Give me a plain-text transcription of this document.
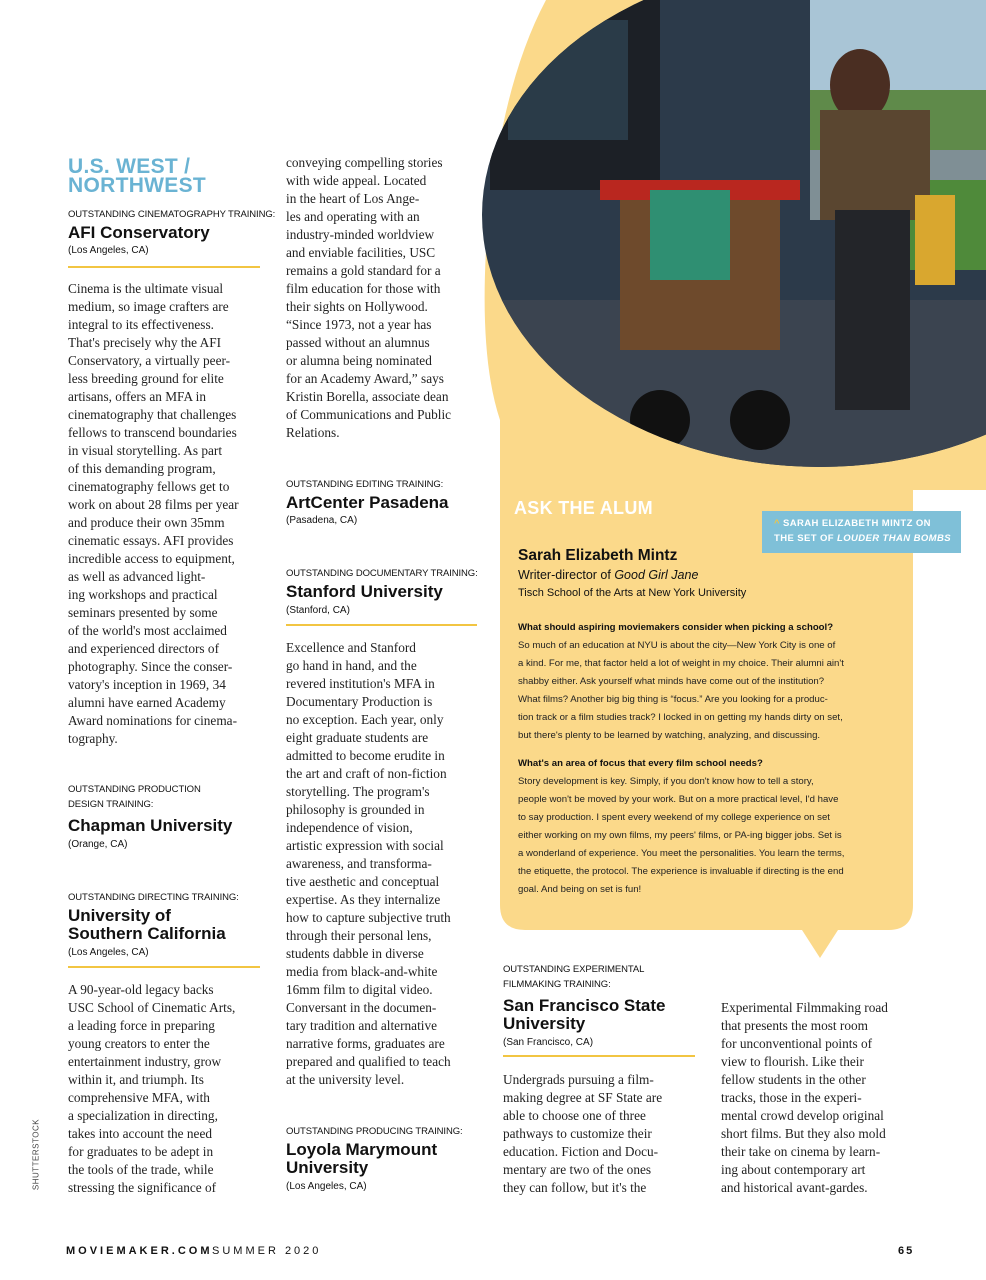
U.S. WEST /
NORTHWEST
OUTSTANDING CINEMATOGRAPHY TRAINING:
AFI Conservatory
(Los Angeles, CA)
Cinema is the ultimate visual
medium, so image crafters are
integral to its effectiveness.
That's precisely why the AFI
Conservatory, a virtually peer-
less breeding ground for elite
artisans, offers an MFA in
cinematography that challenges
fellows to transcend boundaries
in visual storytelling. As part
of this demanding program,
cinematography fellows get to
work on about 28 films per year
and produce their own 35mm
cinematic essays. AFI provides
incredible access to equipment,
as well as advanced light-
ing workshops and practical
seminars presented by some
of the world's most acclaimed
and experienced directors of
photography. Since the conser-
vatory's inception in 1969, 34
alumni have earned Academy
Award nominations for cinema-
tography.
OUTSTANDING PRODUCTION
DESIGN TRAINING:
Chapman University
(Orange, CA)
OUTSTANDING DIRECTING TRAINING:
University of
Southern California
(Los Angeles, CA)
A 90-year-old legacy backs
USC School of Cinematic Arts,
a leading force in preparing
young creators to enter the
entertainment industry, grow
within it, and triumph. Its
comprehensive MFA, with
a specialization in directing,
takes into account the need
for graduates to be adept in
the tools of the trade, while
stressing the significance of
conveying compelling stories
with wide appeal. Located
in the heart of Los Ange-
les and operating with an
industry-minded worldview
and enviable facilities, USC
remains a gold standard for a
film education for those with
their sights on Hollywood.
“Since 1973, not a year has
passed without an alumnus
or alumna being nominated
for an Academy Award,” says
Kristin Borella, associate dean
of Communications and Public
Relations.
OUTSTANDING EDITING TRAINING:
ArtCenter Pasadena
(Pasadena, CA)
OUTSTANDING DOCUMENTARY TRAINING:
Stanford University
(Stanford, CA)
Excellence and Stanford
go hand in hand, and the
revered institution's MFA in
Documentary Production is
no exception. Each year, only
eight graduate students are
admitted to become erudite in
the art and craft of non-fiction
storytelling. The program's
philosophy is grounded in
independence of vision,
artistic expression with social
awareness, and transforma-
tive aesthetic and conceptual
expertise. As they internalize
how to capture subjective truth
through their personal lens,
students dabble in diverse
media from black-and-white
16mm film to digital video.
Conversant in the documen-
tary tradition and alternative
narrative forms, graduates are
prepared and qualified to teach
at the university level.
OUTSTANDING PRODUCING TRAINING:
Loyola Marymount
University
(Los Angeles, CA)
ASK THE ALUM
^ SARAH ELIZABETH MINTZ ON
THE SET OF LOUDER THAN BOMBS
Sarah Elizabeth Mintz
Writer-director of Good Girl Jane
Tisch School of the Arts at New York University
What should aspiring moviemakers consider when picking a school?
So much of an education at NYU is about the city—New York City is one of
a kind. For me, that factor held a lot of weight in my choice. Their alumni ain't
shabby either. Ask yourself what minds have come out of the institution?
What films? Another big big thing is “focus.” Are you looking for a produc-
tion track or a film studies track? I locked in on getting my hands dirty on set,
but there's plenty to be learned by watching, analyzing, and discussing.
What's an area of focus that every film school needs?
Story development is key. Simply, if you don't know how to tell a story,
people won't be moved by your work. But on a more practical level, I'd have
to say production. I spent every weekend of my college experience on set
either working on my own films, my peers' films, or PA-ing bigger jobs. Set is
a wonderland of experience. You meet the personalities. You learn the terms,
the etiquette, the protocol. The experience is invaluable if directing is the end
goal. And being on set is fun!
OUTSTANDING EXPERIMENTAL
FILMMAKING TRAINING:
San Francisco State
University
(San Francisco, CA)
Undergrads pursuing a film-
making degree at SF State are
able to choose one of three
pathways to customize their
education. Fiction and Docu-
mentary are two of the ones
they can follow, but it's the
Experimental Filmmaking road
that presents the most room
for unconventional points of
view to flourish. Like their
fellow students in the other
tracks, those in the experi-
mental crowd develop original
short films. But they also mold
their take on cinema by learn-
ing about contemporary art
and historical avant-gardes.
SHUTTERSTOCK
MOVIEMAKER.COM SUMMER 2020	65
